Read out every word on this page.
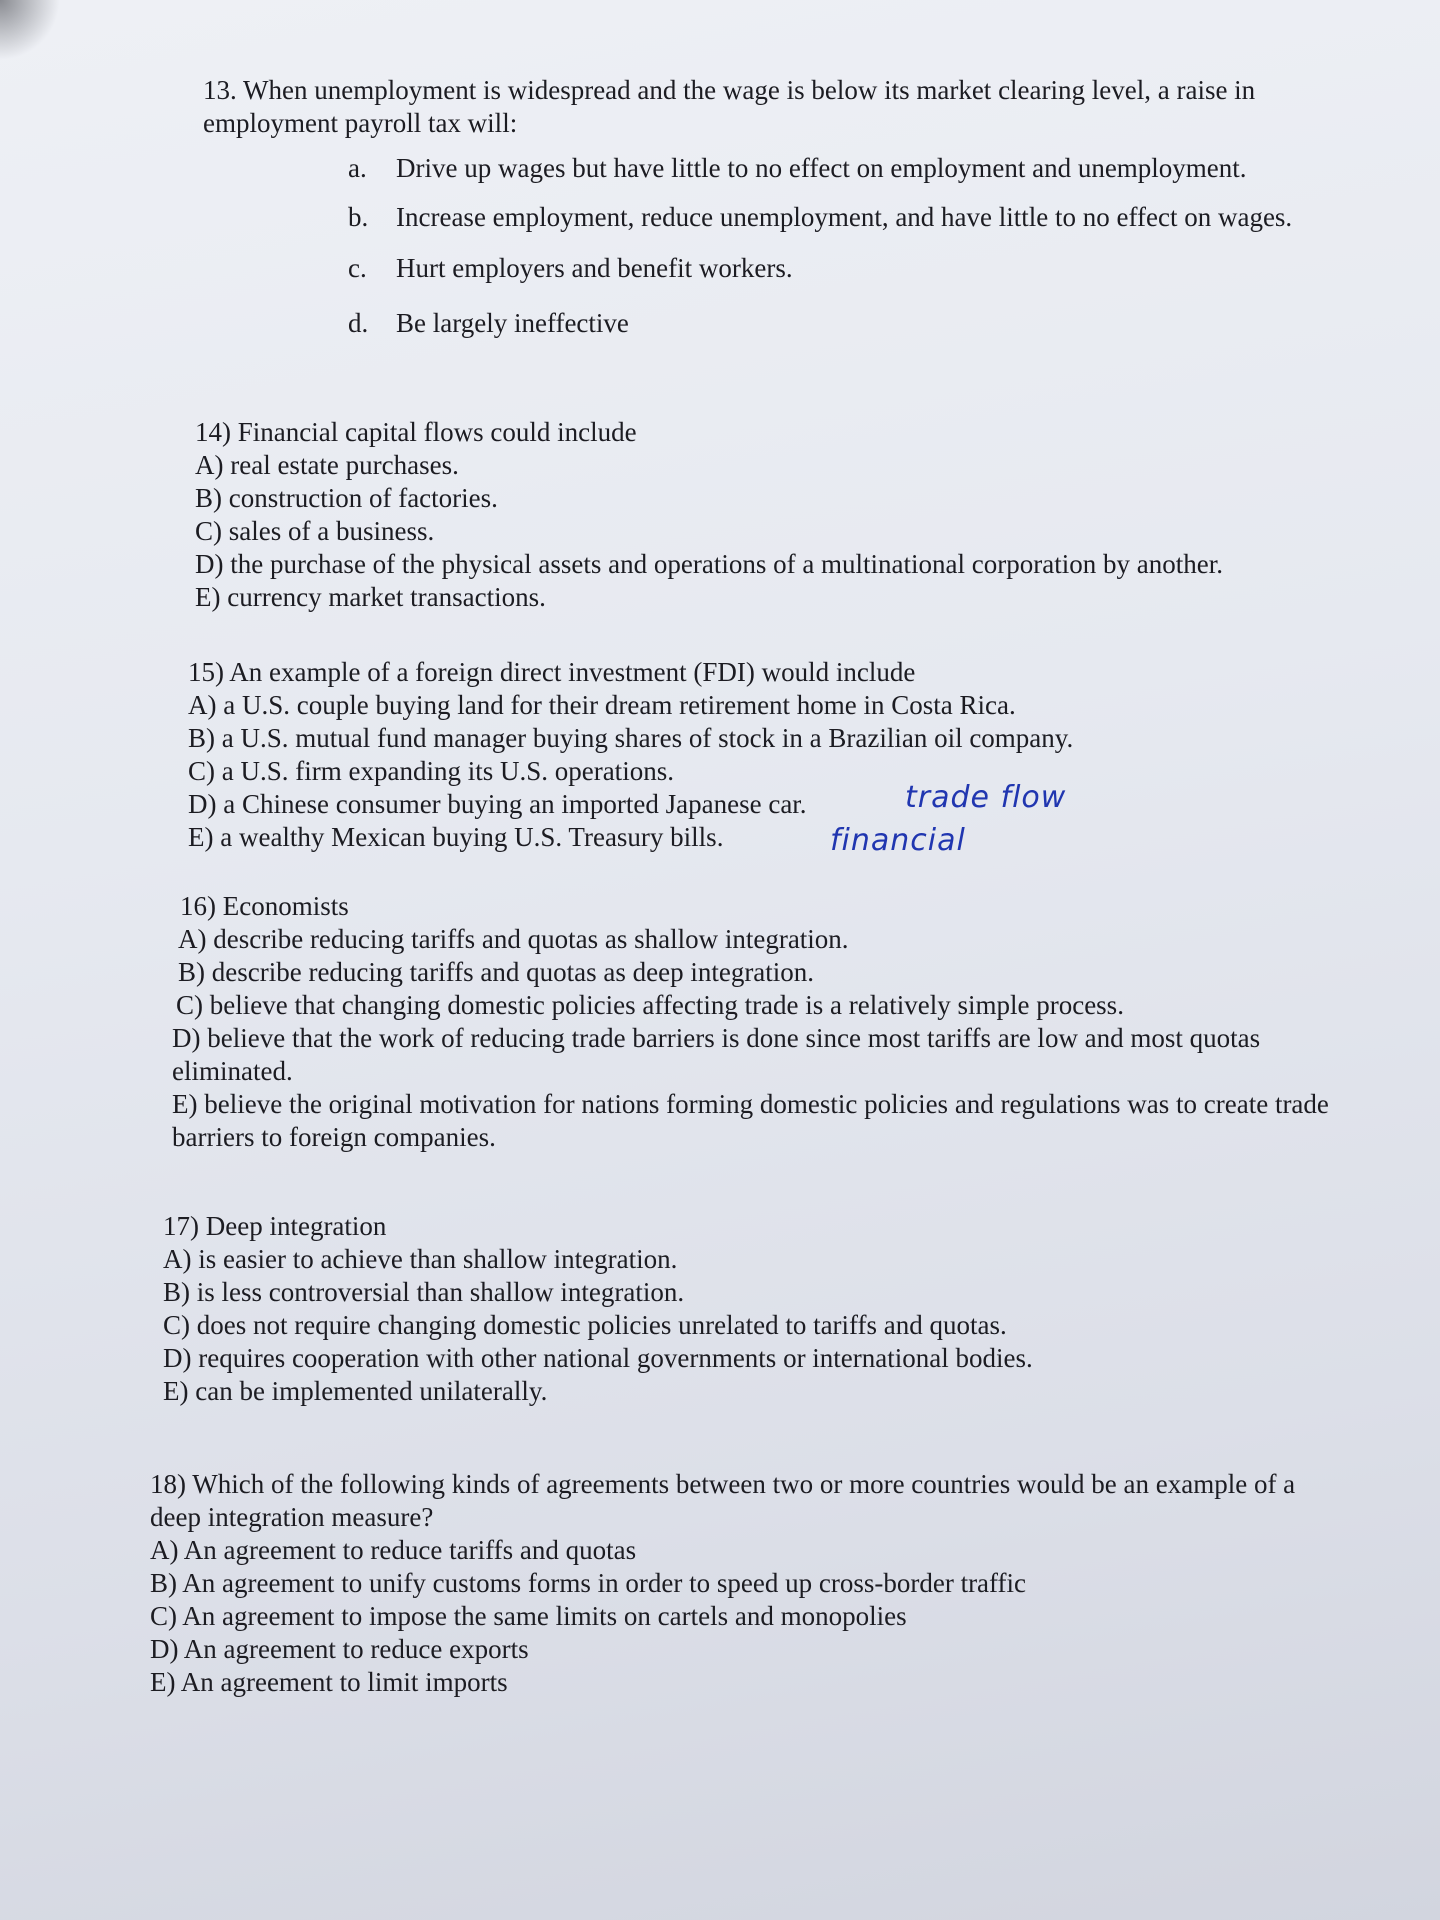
13. When unemployment is widespread and the wage is below its market clearing level, a raise in employment payroll tax will:
a. Drive up wages but have little to no effect on employment and unemployment.
b.	Increase employment, reduce unemployment, and have little to no effect on wages.
c. Hurt employers and benefit workers.
d. Be largely ineffective
14) Financial capital flows could include
A) real estate purchases.
B) construction of factories.
C) sales of a business.
D) the purchase of the physical assets and operations of a multinational corporation by another.
E) currency market transactions.
15) An example of a foreign direct investment (FDI) would include
A) a U.S. couple buying land for their dream retirement home in Costa Rica.
B) a U.S. mutual fund manager buying shares of stock in a Brazilian oil company.
C) a U.S. firm expanding its U.S. operations.
D) a Chinese consumer buying an imported Japanese car.
E) a wealthy Mexican buying U.S. Treasury bills.
trade flow
financial
16) Economists
A) describe reducing tariffs and quotas as shallow integration.
B) describe reducing tariffs and quotas as deep integration.
C) believe that changing domestic policies affecting trade is a relatively simple process.
D) believe that the work of reducing trade barriers is done since most tariffs are low and most quotas eliminated.
E) believe the original motivation for nations forming domestic policies and regulations was to create trade barriers to foreign companies.
17) Deep integration
A) is easier to achieve than shallow integration.
B) is less controversial than shallow integration.
C) does not require changing domestic policies unrelated to tariffs and quotas.
D) requires cooperation with other national governments or international bodies.
E) can be implemented unilaterally.
18) Which of the following kinds of agreements between two or more countries would be an example of a deep integration measure?
A) An agreement to reduce tariffs and quotas
B) An agreement to unify customs forms in order to speed up cross-border traffic
C) An agreement to impose the same limits on cartels and monopolies
D) An agreement to reduce exports
E) An agreement to limit imports
